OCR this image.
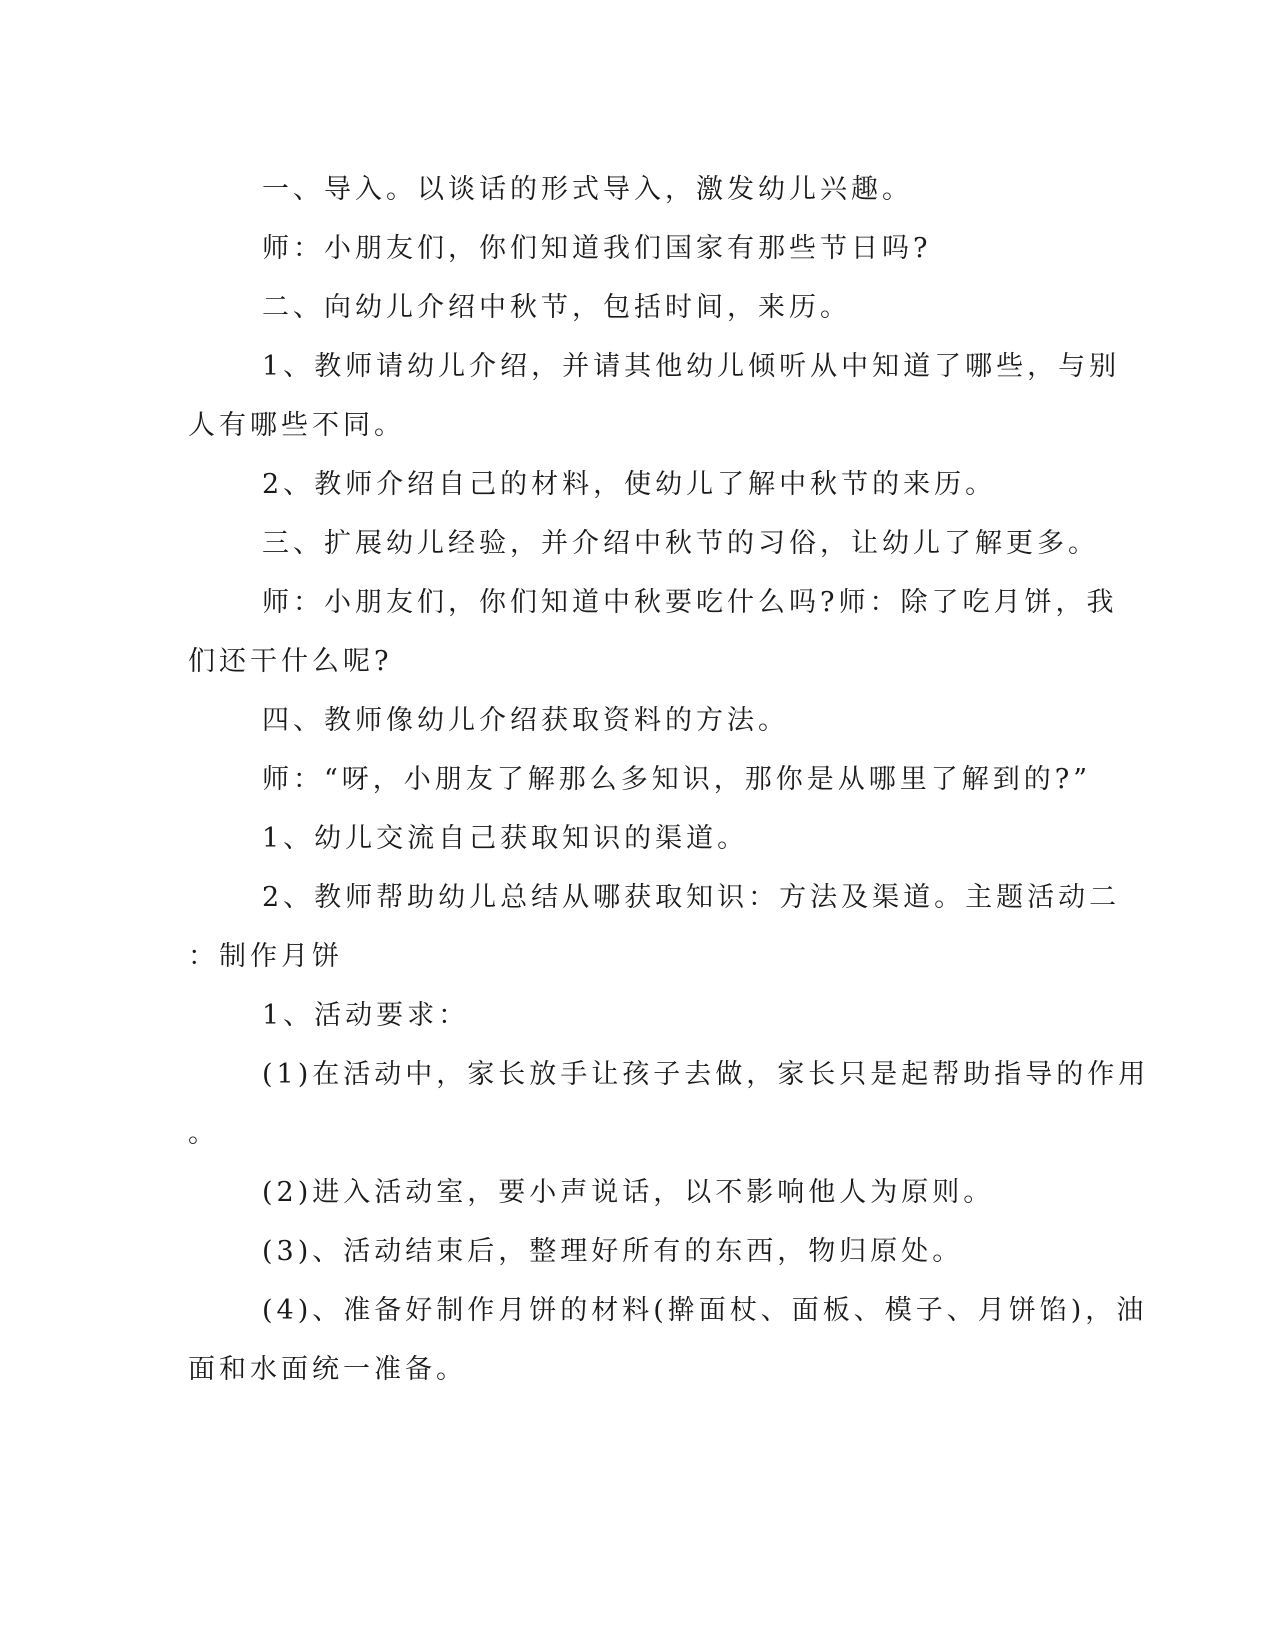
一、导入。以谈话的形式导入，激发幼儿兴趣。
师：小朋友们，你们知道我们国家有那些节日吗?
二、向幼儿介绍中秋节，包括时间，来历。
1、教师请幼儿介绍，并请其他幼儿倾听从中知道了哪些，与别
人有哪些不同。
2、教师介绍自己的材料，使幼儿了解中秋节的来历。
三、扩展幼儿经验，并介绍中秋节的习俗，让幼儿了解更多。
师：小朋友们，你们知道中秋要吃什么吗?师：除了吃月饼，我
们还干什么呢?
四、教师像幼儿介绍获取资料的方法。
师：“呀，小朋友了解那么多知识，那你是从哪里了解到的?”
1、幼儿交流自己获取知识的渠道。
2、教师帮助幼儿总结从哪获取知识：方法及渠道。主题活动二
：制作月饼
1、活动要求：
(1)在活动中，家长放手让孩子去做，家长只是起帮助指导的作用
。
(2)进入活动室，要小声说话，以不影响他人为原则。
(3)、活动结束后，整理好所有的东西，物归原处。
(4)、准备好制作月饼的材料(擀面杖、面板、模子、月饼馅)，油
面和水面统一准备。
